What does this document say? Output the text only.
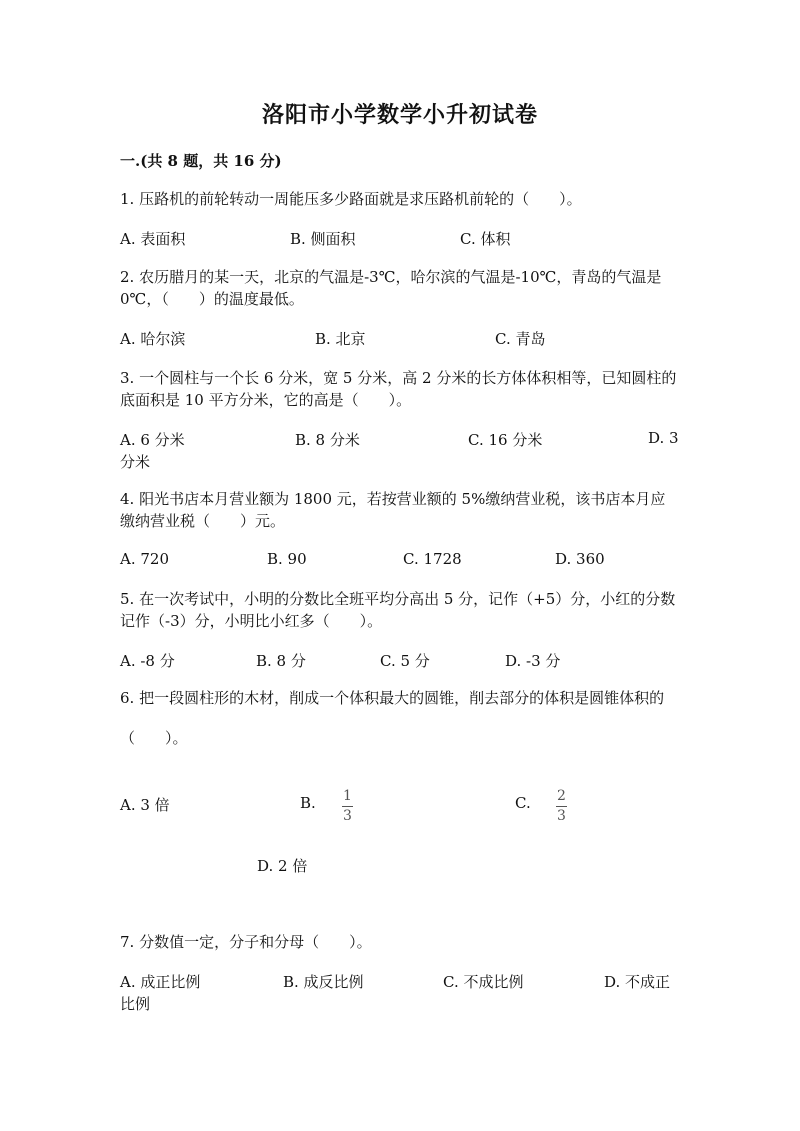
洛阳市小学数学小升初试卷
一.(共 8 题，共 16 分)
1. 压路机的前轮转动一周能压多少路面就是求压路机前轮的（　　）。
A. 表面积	B. 侧面积	C. 体积
2. 农历腊月的某一天，北京的气温是-3℃，哈尔滨的气温是-10℃，青岛的气温是 0℃，（　　）的温度最低。
A. 哈尔滨	B. 北京	C. 青岛
3. 一个圆柱与一个长 6 分米，宽 5 分米，高 2 分米的长方体体积相等，已知圆柱的底面积是 10 平方分米，它的高是（　　）。
A. 6 分米	B. 8 分米	C. 16 分米	D. 3
分米
4. 阳光书店本月营业额为 1800 元，若按营业额的 5%缴纳营业税，该书店本月应缴纳营业税（　　）元。
A. 720	B. 90	C. 1728	D. 360
5. 在一次考试中，小明的分数比全班平均分高出 5 分，记作（+5）分，小红的分数记作（-3）分，小明比小红多（　　）。
A. -8 分	B. 8 分	C. 5 分	D. -3 分
6. 把一段圆柱形的木材，削成一个体积最大的圆锥，削去部分的体积是圆锥体积的（　　）。
A. 3 倍	B. 1
3
C. 2
3
D. 2 倍
7. 分数值一定，分子和分母（　　）。
A. 成正比例	B. 成反比例	C. 不成比例	D. 不成正
比例
